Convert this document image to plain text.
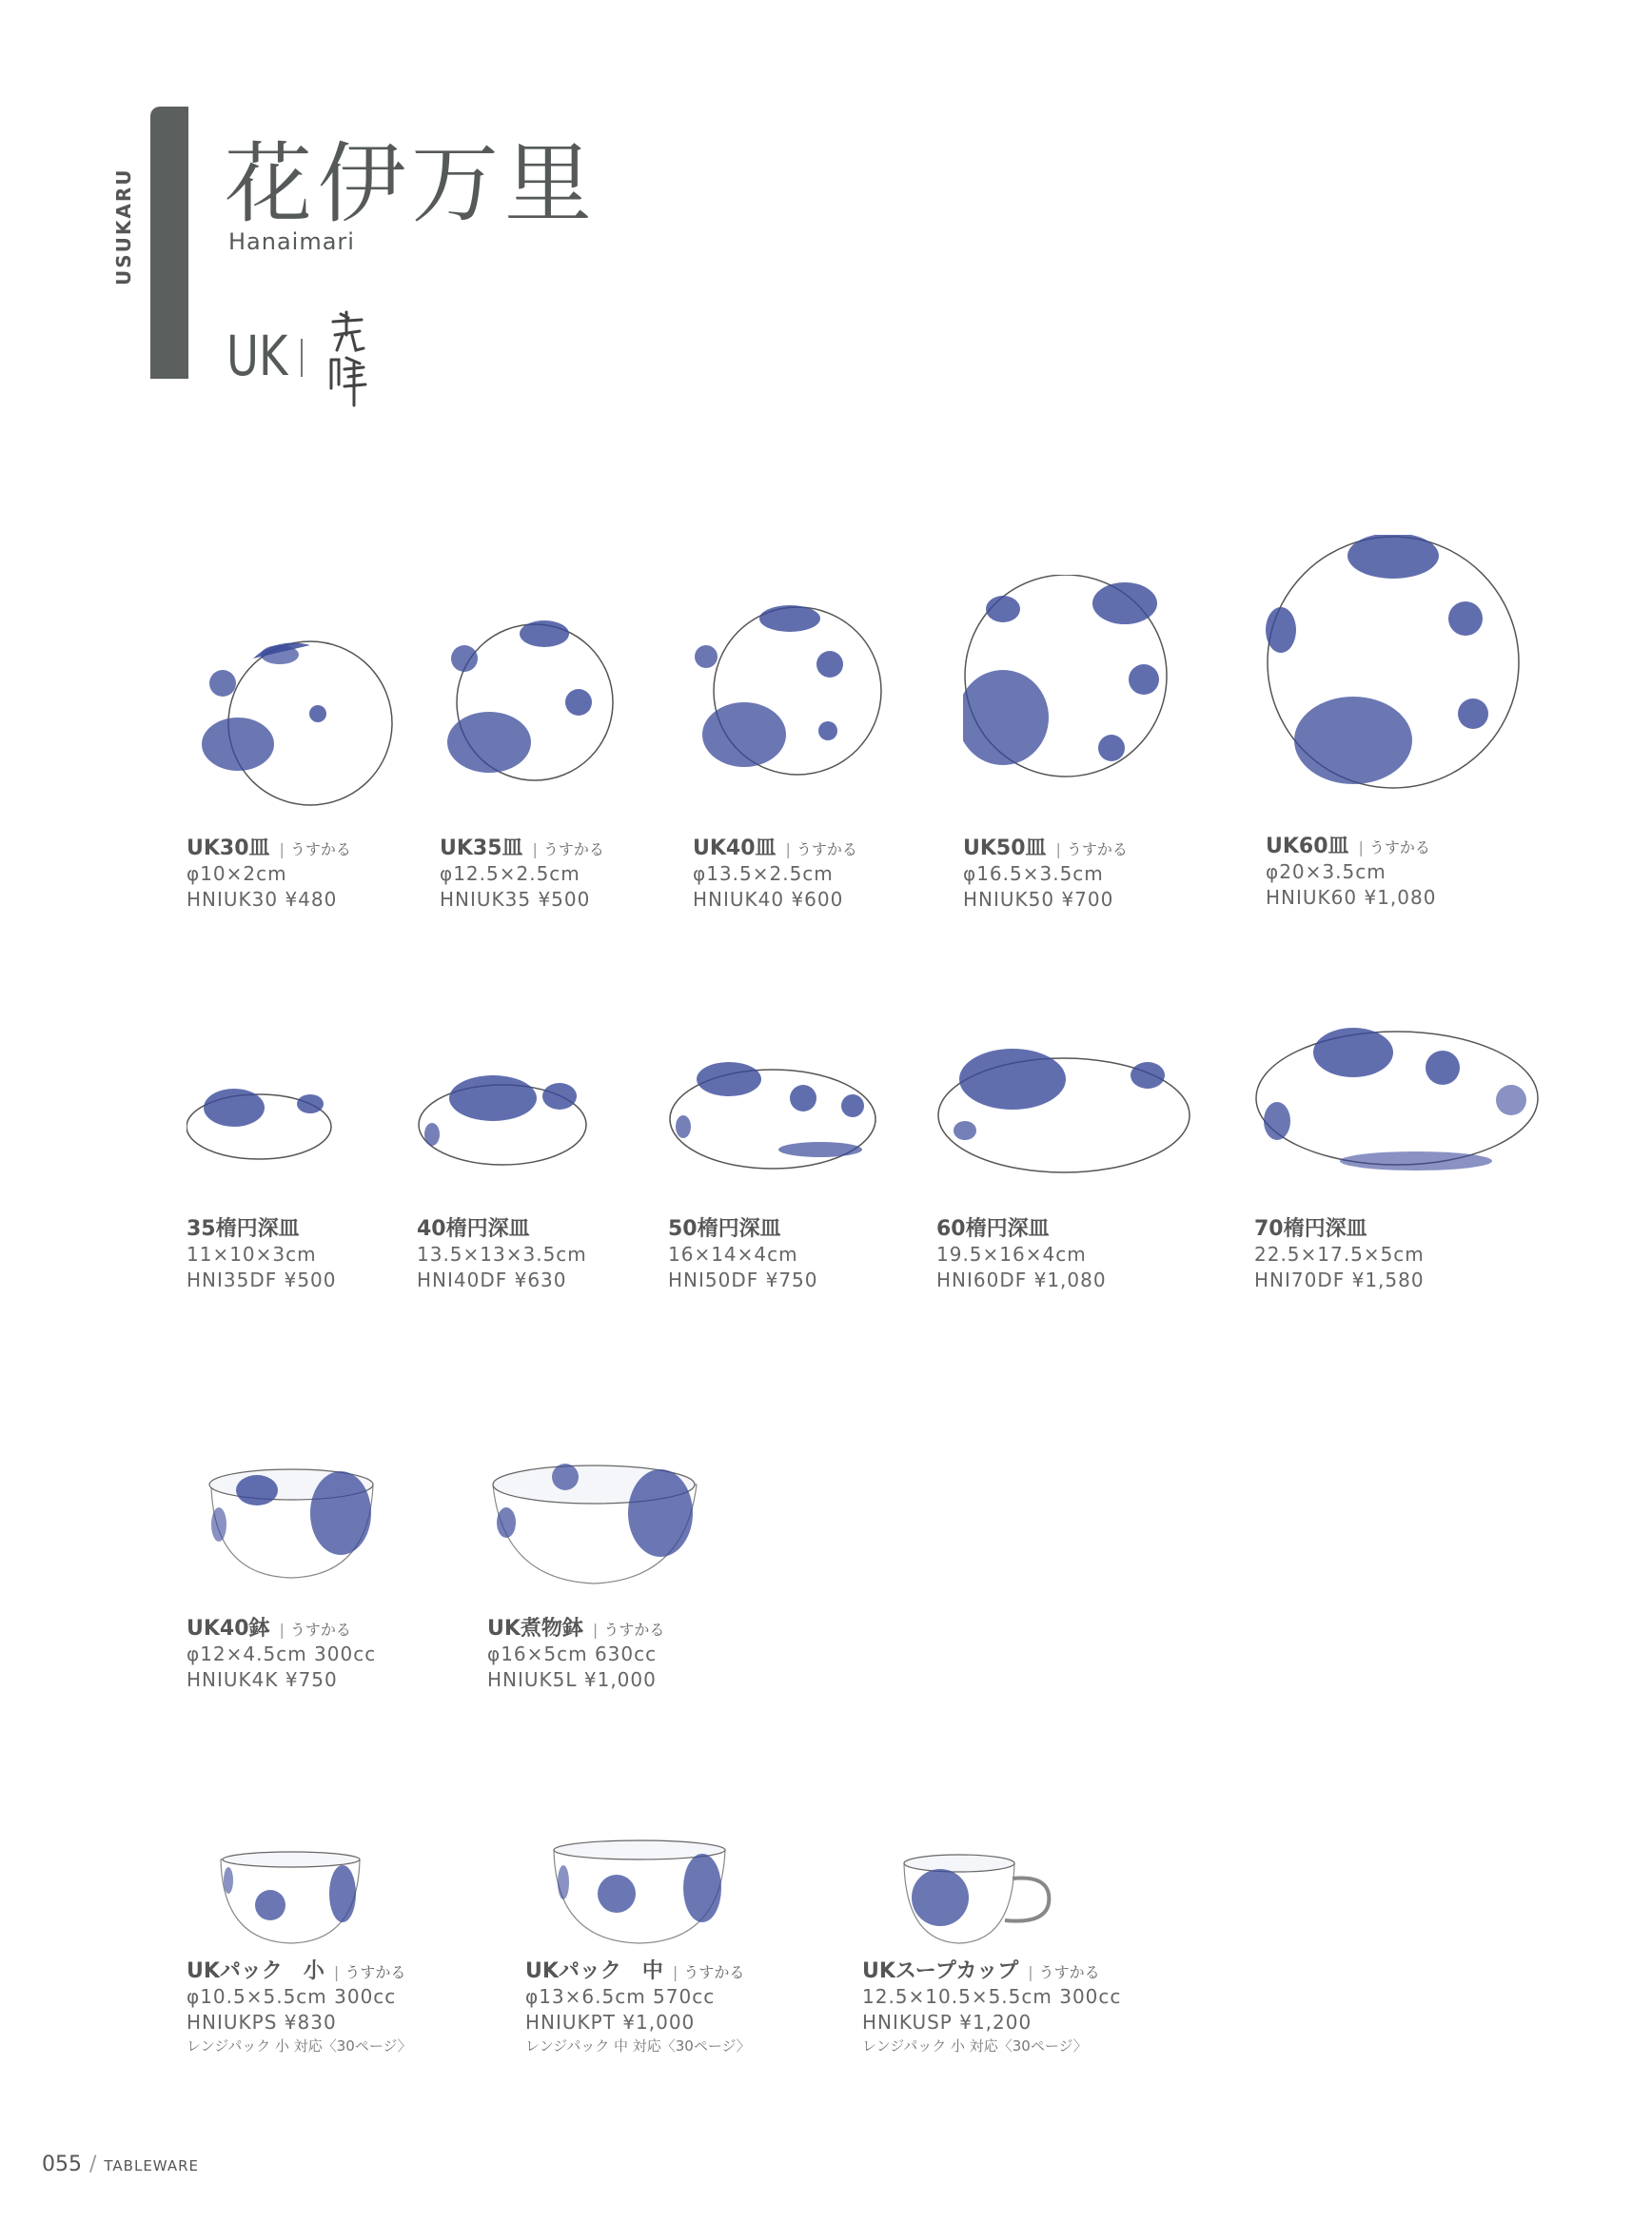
USUKARU 花伊万里
Hanaimari
UK
UK30皿 | うすかる
φ10×2cm
HNIUK30 ¥480
UK35皿 | うすかる
φ12.5×2.5cm
HNIUK35 ¥500
UK40皿 | うすかる
φ13.5×2.5cm
HNIUK40 ¥600
UK50皿 | うすかる
φ16.5×3.5cm
HNIUK50 ¥700
UK60皿 | うすかる
φ20×3.5cm
HNIUK60 ¥1,080
35楕円深皿
11×10×3cm
HNI35DF ¥500
40楕円深皿
13.5×13×3.5cm
HNI40DF ¥630
50楕円深皿
16×14×4cm
HNI50DF ¥750
60楕円深皿
19.5×16×4cm
HNI60DF ¥1,080
70楕円深皿
22.5×17.5×5cm
HNI70DF ¥1,580
UK40鉢 | うすかる
φ12×4.5cm 300cc
HNIUK4K ¥750
UK煮物鉢 | うすかる
φ16×5cm 630cc
HNIUK5L ¥1,000
UKパック　小 | うすかる
φ10.5×5.5cm 300cc
HNIUKPS ¥830
レンジパック 小 対応〈30ページ〉
UKパック　中 | うすかる
φ13×6.5cm 570cc
HNIUKPT ¥1,000
レンジパック 中 対応〈30ページ〉
UKスープカップ | うすかる
12.5×10.5×5.5cm 300cc
HNIKUSP ¥1,200
レンジパック 小 対応〈30ページ〉
055 / TABLEWARE
